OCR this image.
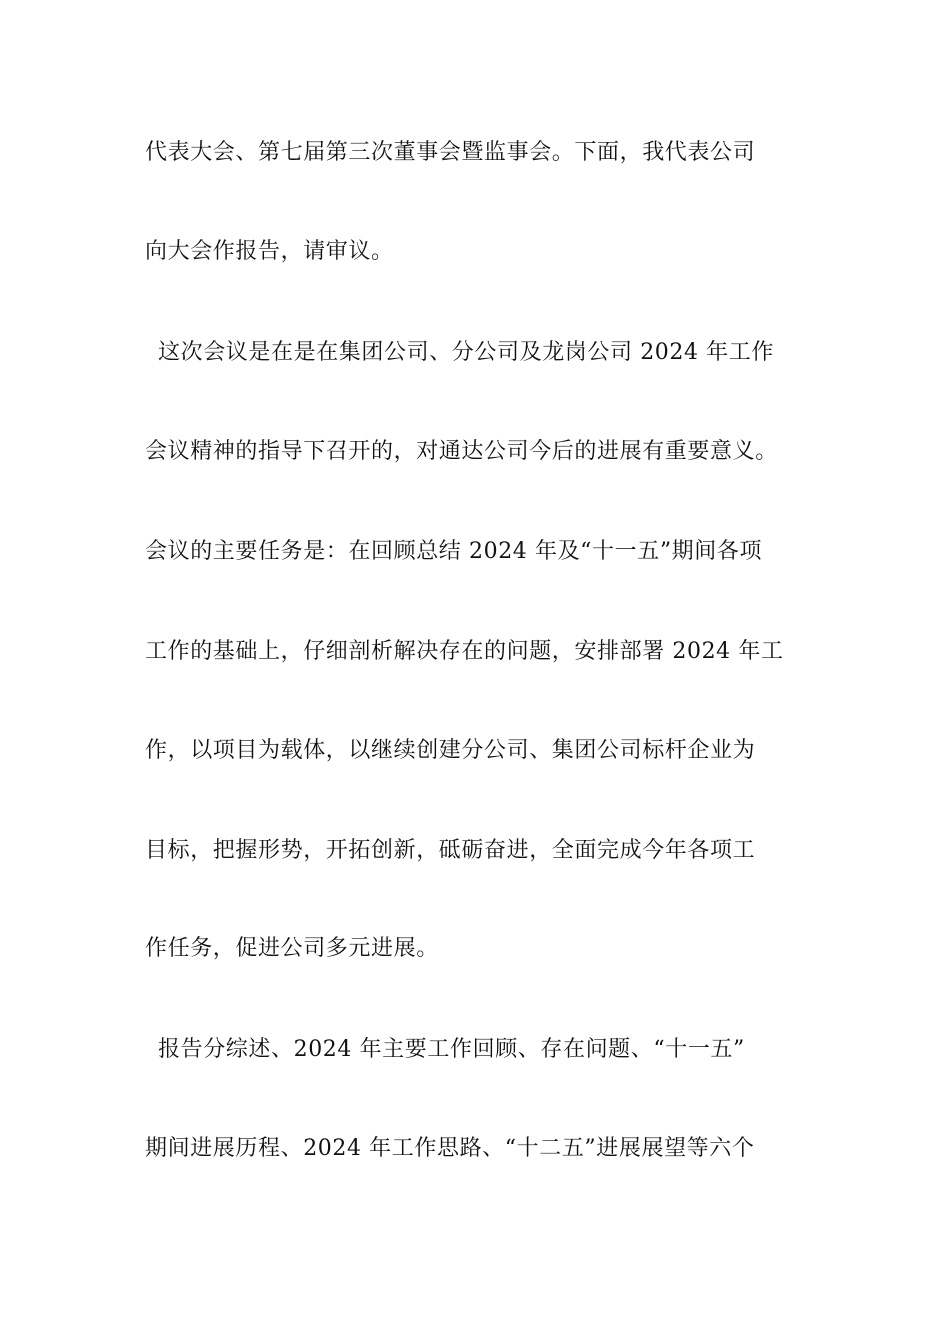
代表大会、第七届第三次董事会暨监事会。下面，我代表公司

向大会作报告，请审议。

这次会议是在是在集团公司、分公司及龙岗公司 2024 年工作

会议精神的指导下召开的，对通达公司今后的进展有重要意义。

会议的主要任务是：在回顾总结 2024 年及“十一五”期间各项

工作的基础上，仔细剖析解决存在的问题，安排部署 2024 年工

作，以项目为载体，以继续创建分公司、集团公司标杆企业为

目标，把握形势，开拓创新，砥砺奋进，全面完成今年各项工

作任务，促进公司多元进展。

报告分综述、2024 年主要工作回顾、存在问题、“十一五”

期间进展历程、2024 年工作思路、“十二五”进展展望等六个
